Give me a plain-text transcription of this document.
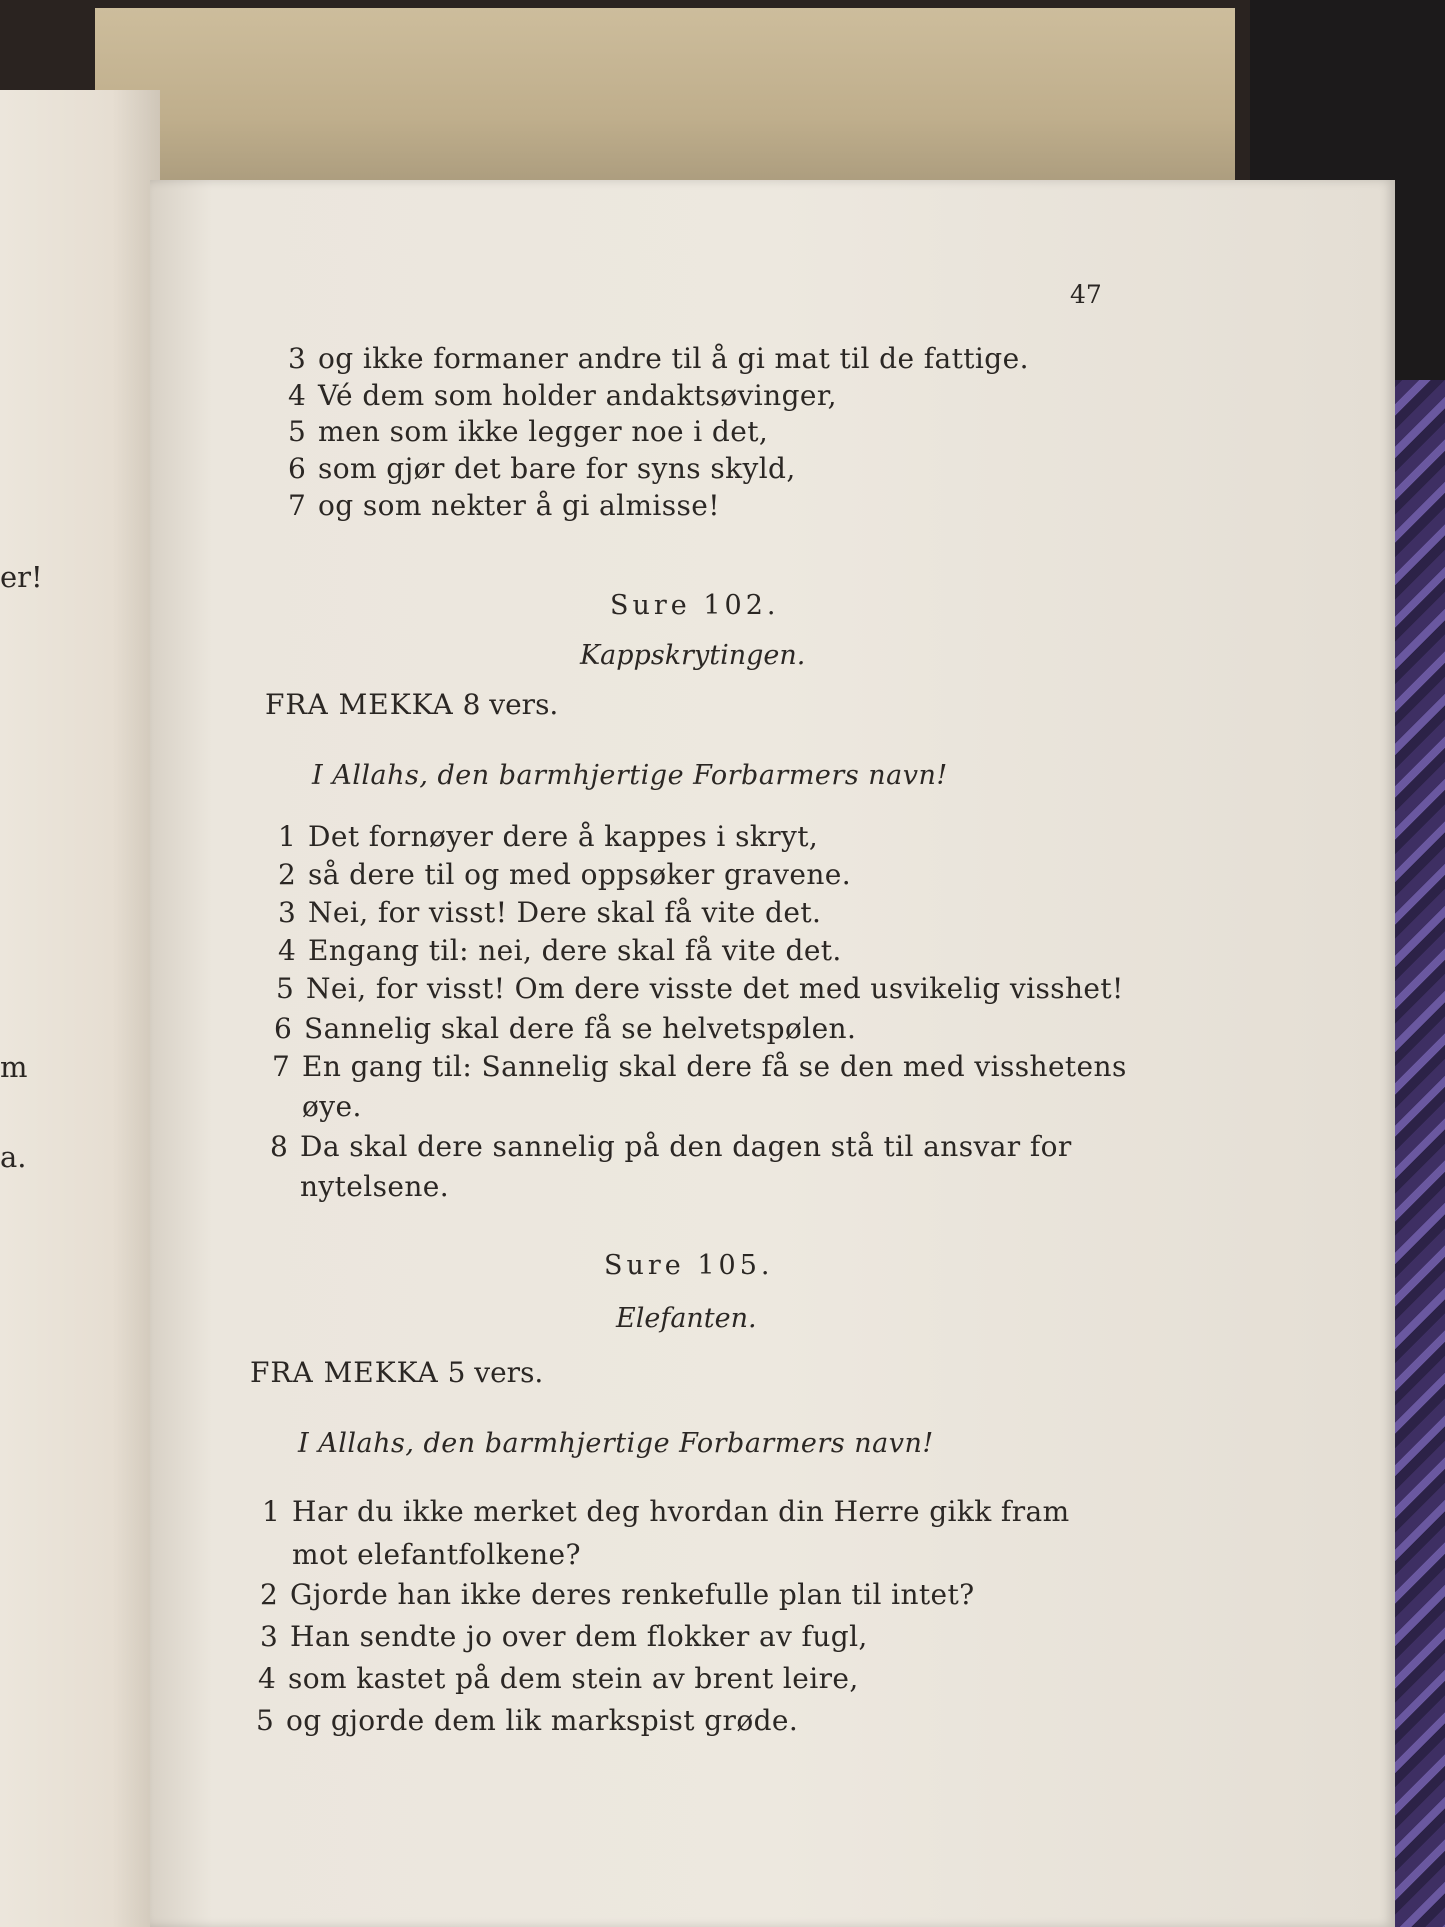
er!
m
a.
47
3 og ikke formaner andre til å gi mat til de fattige.
4 Vé dem som holder andaktsøvinger,
5 men som ikke legger noe i det,
6 som gjør det bare for syns skyld,
7 og som nekter å gi almisse!
Sure 102.
Kappskrytingen.
FRA MEKKA 8 vers.
I Allahs, den barmhjertige Forbarmers navn!
1 Det fornøyer dere å kappes i skryt,
2 så dere til og med oppsøker gravene.
3 Nei, for visst! Dere skal få vite det.
4 Engang til: nei, dere skal få vite det.
5 Nei, for visst! Om dere visste det med usvikelig visshet!
6 Sannelig skal dere få se helvetspølen.
7 En gang til: Sannelig skal dere få se den med visshetens
øye.
8 Da skal dere sannelig på den dagen stå til ansvar for
nytelsene.
Sure 105.
Elefanten.
FRA MEKKA 5 vers.
I Allahs, den barmhjertige Forbarmers navn!
1 Har du ikke merket deg hvordan din Herre gikk fram
mot elefantfolkene?
2 Gjorde han ikke deres renkefulle plan til intet?
3 Han sendte jo over dem flokker av fugl,
4 som kastet på dem stein av brent leire,
5 og gjorde dem lik markspist grøde.
